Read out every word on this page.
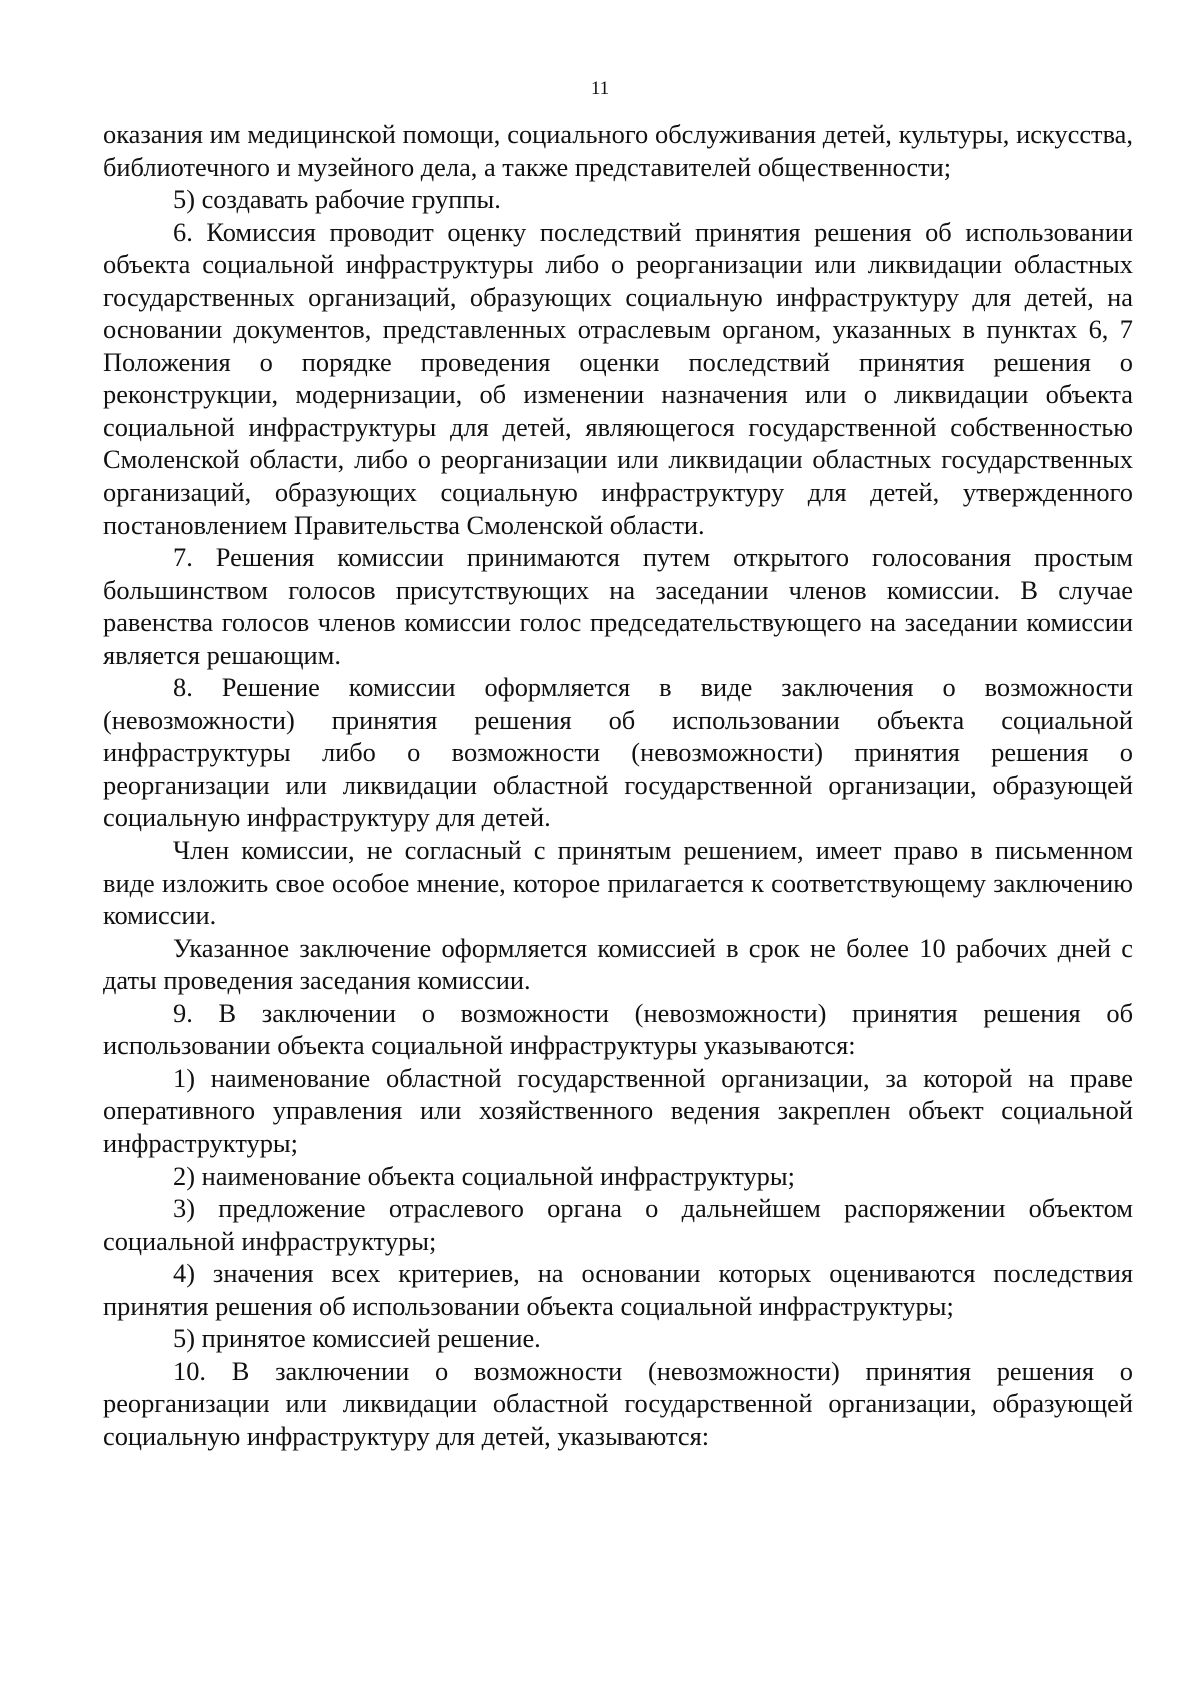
11

оказания им медицинской помощи, социального обслуживания детей, культуры, искусства, библиотечного и музейного дела, а также представителей общественности;

5) создавать рабочие группы.

6. Комиссия проводит оценку последствий принятия решения об использовании объекта социальной инфраструктуры либо о реорганизации или ликвидации областных государственных организаций, образующих социальную инфраструктуру для детей, на основании документов, представленных отраслевым органом, указанных в пунктах 6, 7 Положения о порядке проведения оценки последствий принятия решения о реконструкции, модернизации, об изменении назначения или о ликвидации объекта социальной инфраструктуры для детей, являющегося государственной собственностью Смоленской области, либо о реорганизации или ликвидации областных государственных организаций, образующих социальную инфраструктуру для детей, утвержденного постановлением Правительства Смоленской области.

7. Решения комиссии принимаются путем открытого голосования простым большинством голосов присутствующих на заседании членов комиссии. В случае равенства голосов членов комиссии голос председательствующего на заседании комиссии является решающим.

8. Решение комиссии оформляется в виде заключения о возможности (невозможности) принятия решения об использовании объекта социальной инфраструктуры либо о возможности (невозможности) принятия решения о реорганизации или ликвидации областной государственной организации, образующей социальную инфраструктуру для детей.

Член комиссии, не согласный с принятым решением, имеет право в письменном виде изложить свое особое мнение, которое прилагается к соответствующему заключению комиссии.

Указанное заключение оформляется комиссией в срок не более 10 рабочих дней с даты проведения заседания комиссии.

9. В заключении о возможности (невозможности) принятия решения об использовании объекта социальной инфраструктуры указываются:

1) наименование областной государственной организации, за которой на праве оперативного управления или хозяйственного ведения закреплен объект социальной инфраструктуры;

2) наименование объекта социальной инфраструктуры;

3) предложение отраслевого органа о дальнейшем распоряжении объектом социальной инфраструктуры;

4) значения всех критериев, на основании которых оцениваются последствия принятия решения об использовании объекта социальной инфраструктуры;

5) принятое комиссией решение.

10. В заключении о возможности (невозможности) принятия решения о реорганизации или ликвидации областной государственной организации, образующей социальную инфраструктуру для детей, указываются:
